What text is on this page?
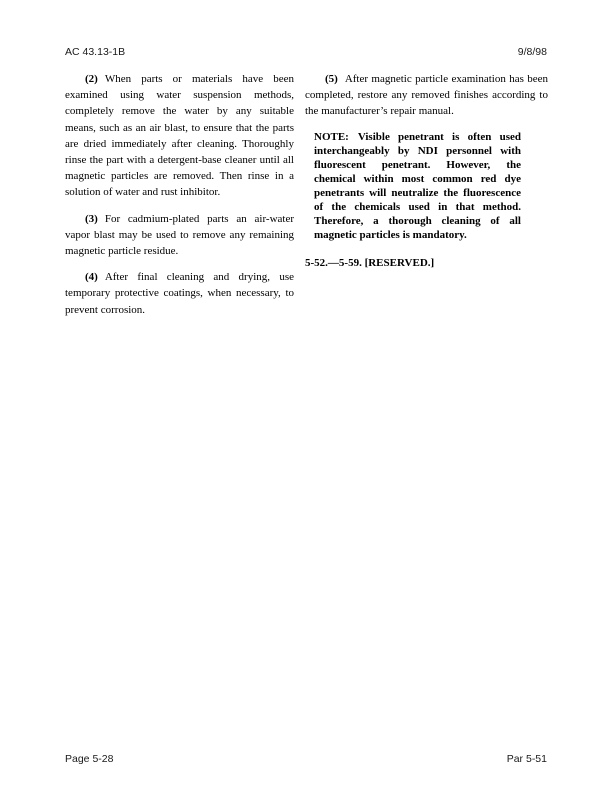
AC 43.13-1B	9/8/98

(2) When parts or materials have been examined using water suspension methods, completely remove the water by any suitable means, such as an air blast, to ensure that the parts are dried immediately after cleaning. Thoroughly rinse the part with a detergent-base cleaner until all magnetic particles are removed. Then rinse in a solution of water and rust inhibitor.

(3) For cadmium-plated parts an air-water vapor blast may be used to remove any remaining magnetic particle residue.

(4) After final cleaning and drying, use temporary protective coatings, when necessary, to prevent corrosion.

(5) After magnetic particle examination has been completed, restore any removed finishes according to the manufacturer’s repair manual.

NOTE: Visible penetrant is often used interchangeably by NDI personnel with fluorescent penetrant. However, the chemical within most common red dye penetrants will neutralize the fluorescence of the chemicals used in that method. Therefore, a thorough cleaning of all magnetic particles is mandatory.

5-52.—5-59. [RESERVED.]

Page 5-28	Par 5-51
